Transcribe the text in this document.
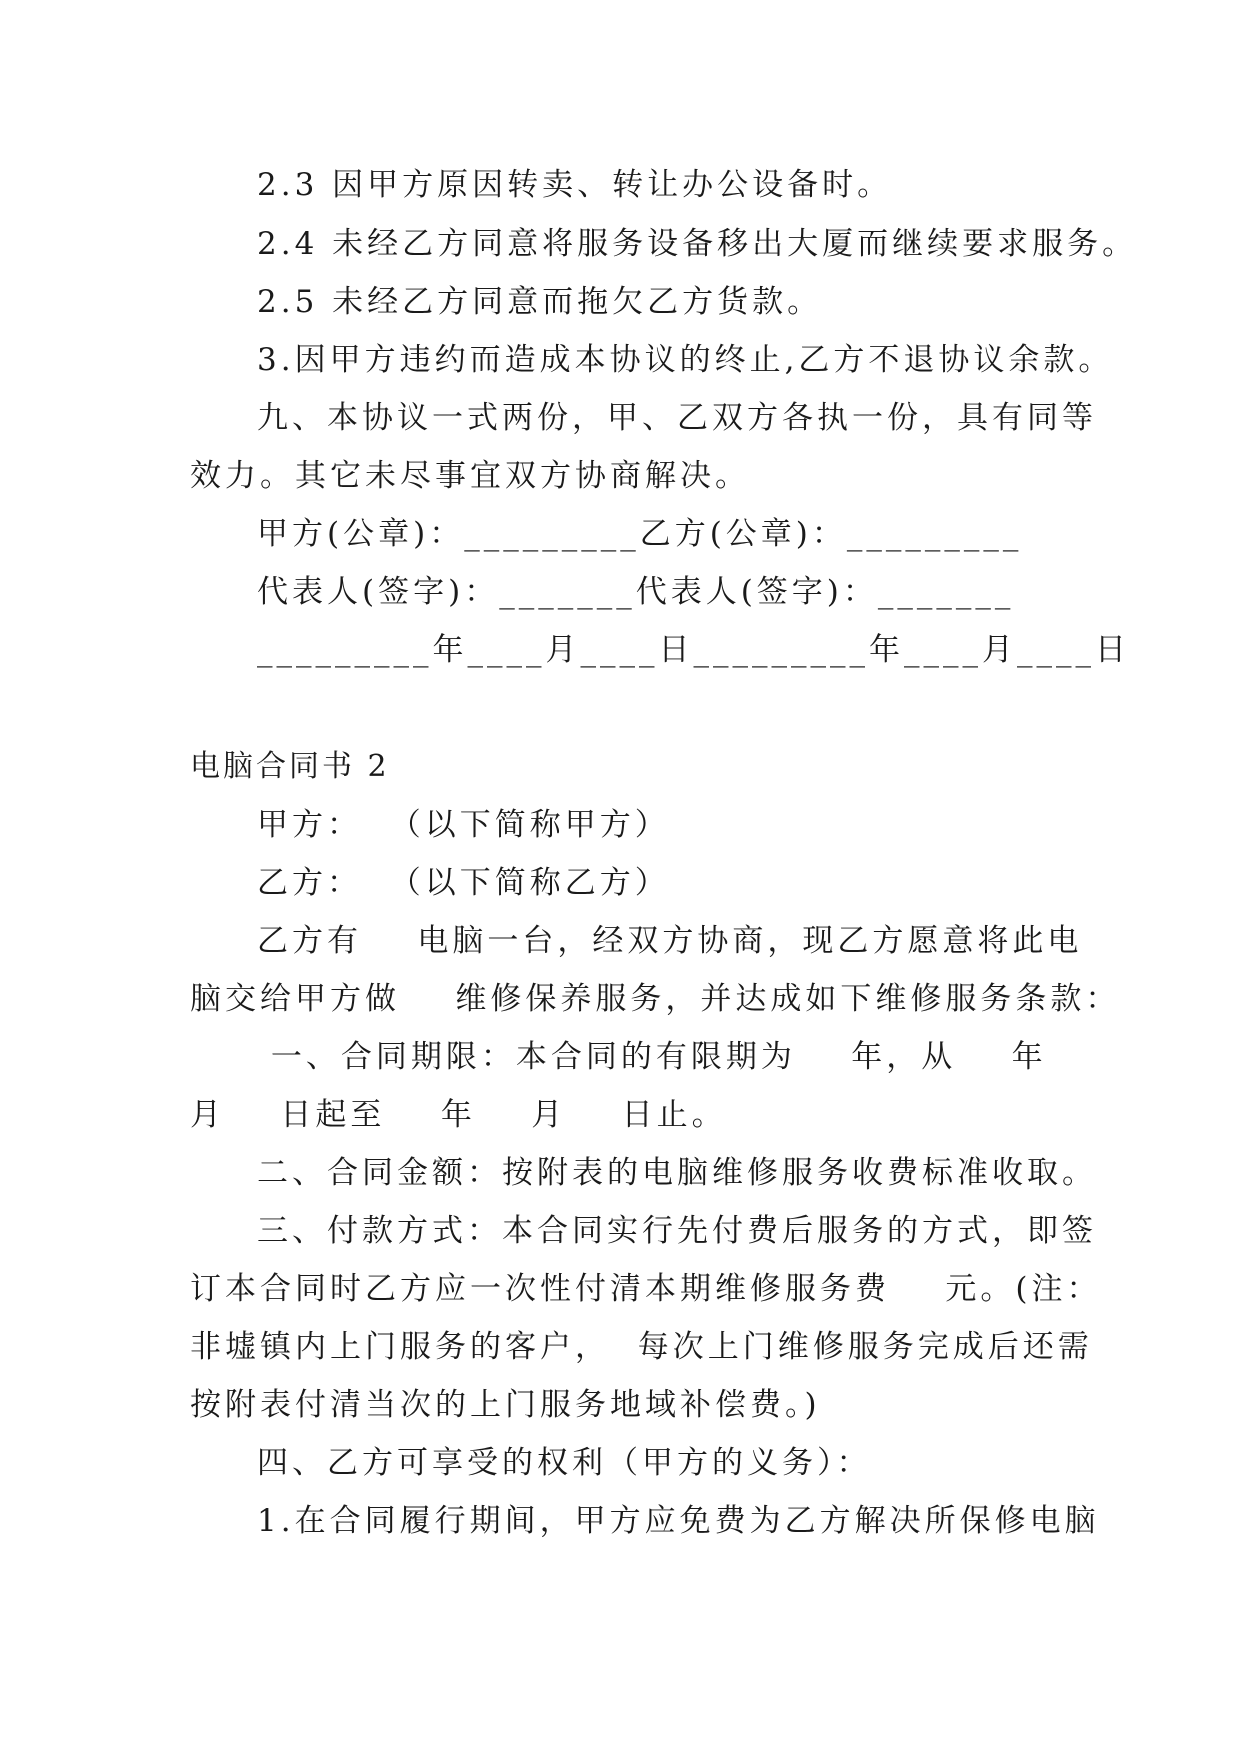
2.3 因甲方原因转卖、转让办公设备时。
2.4 未经乙方同意将服务设备移出大厦而继续要求服务。
2.5 未经乙方同意而拖欠乙方货款。
3.因甲方违约而造成本协议的终止,乙方不退协议余款。
九、本协议一式两份，甲、乙双方各执一份，具有同等
效力。其它未尽事宜双方协商解决。
甲方(公章)：_________乙方(公章)：_________
代表人(签字)：_______代表人(签字)：_______
_________年____月____日_________年____月____日
电脑合同书 2
甲方：  （以下简称甲方）
乙方：  （以下简称乙方）
乙方有    电脑一台，经双方协商，现乙方愿意将此电
脑交给甲方做    维修保养服务，并达成如下维修服务条款：
一、合同期限：本合同的有限期为    年，从    年
月    日起至    年    月    日止。
二、合同金额：按附表的电脑维修服务收费标准收取。
三、付款方式：本合同实行先付费后服务的方式，即签
订本合同时乙方应一次性付清本期维修服务费    元。(注：
非墟镇内上门服务的客户，  每次上门维修服务完成后还需
按附表付清当次的上门服务地域补偿费。)
四、乙方可享受的权利（甲方的义务）：
1.在合同履行期间，甲方应免费为乙方解决所保修电脑
